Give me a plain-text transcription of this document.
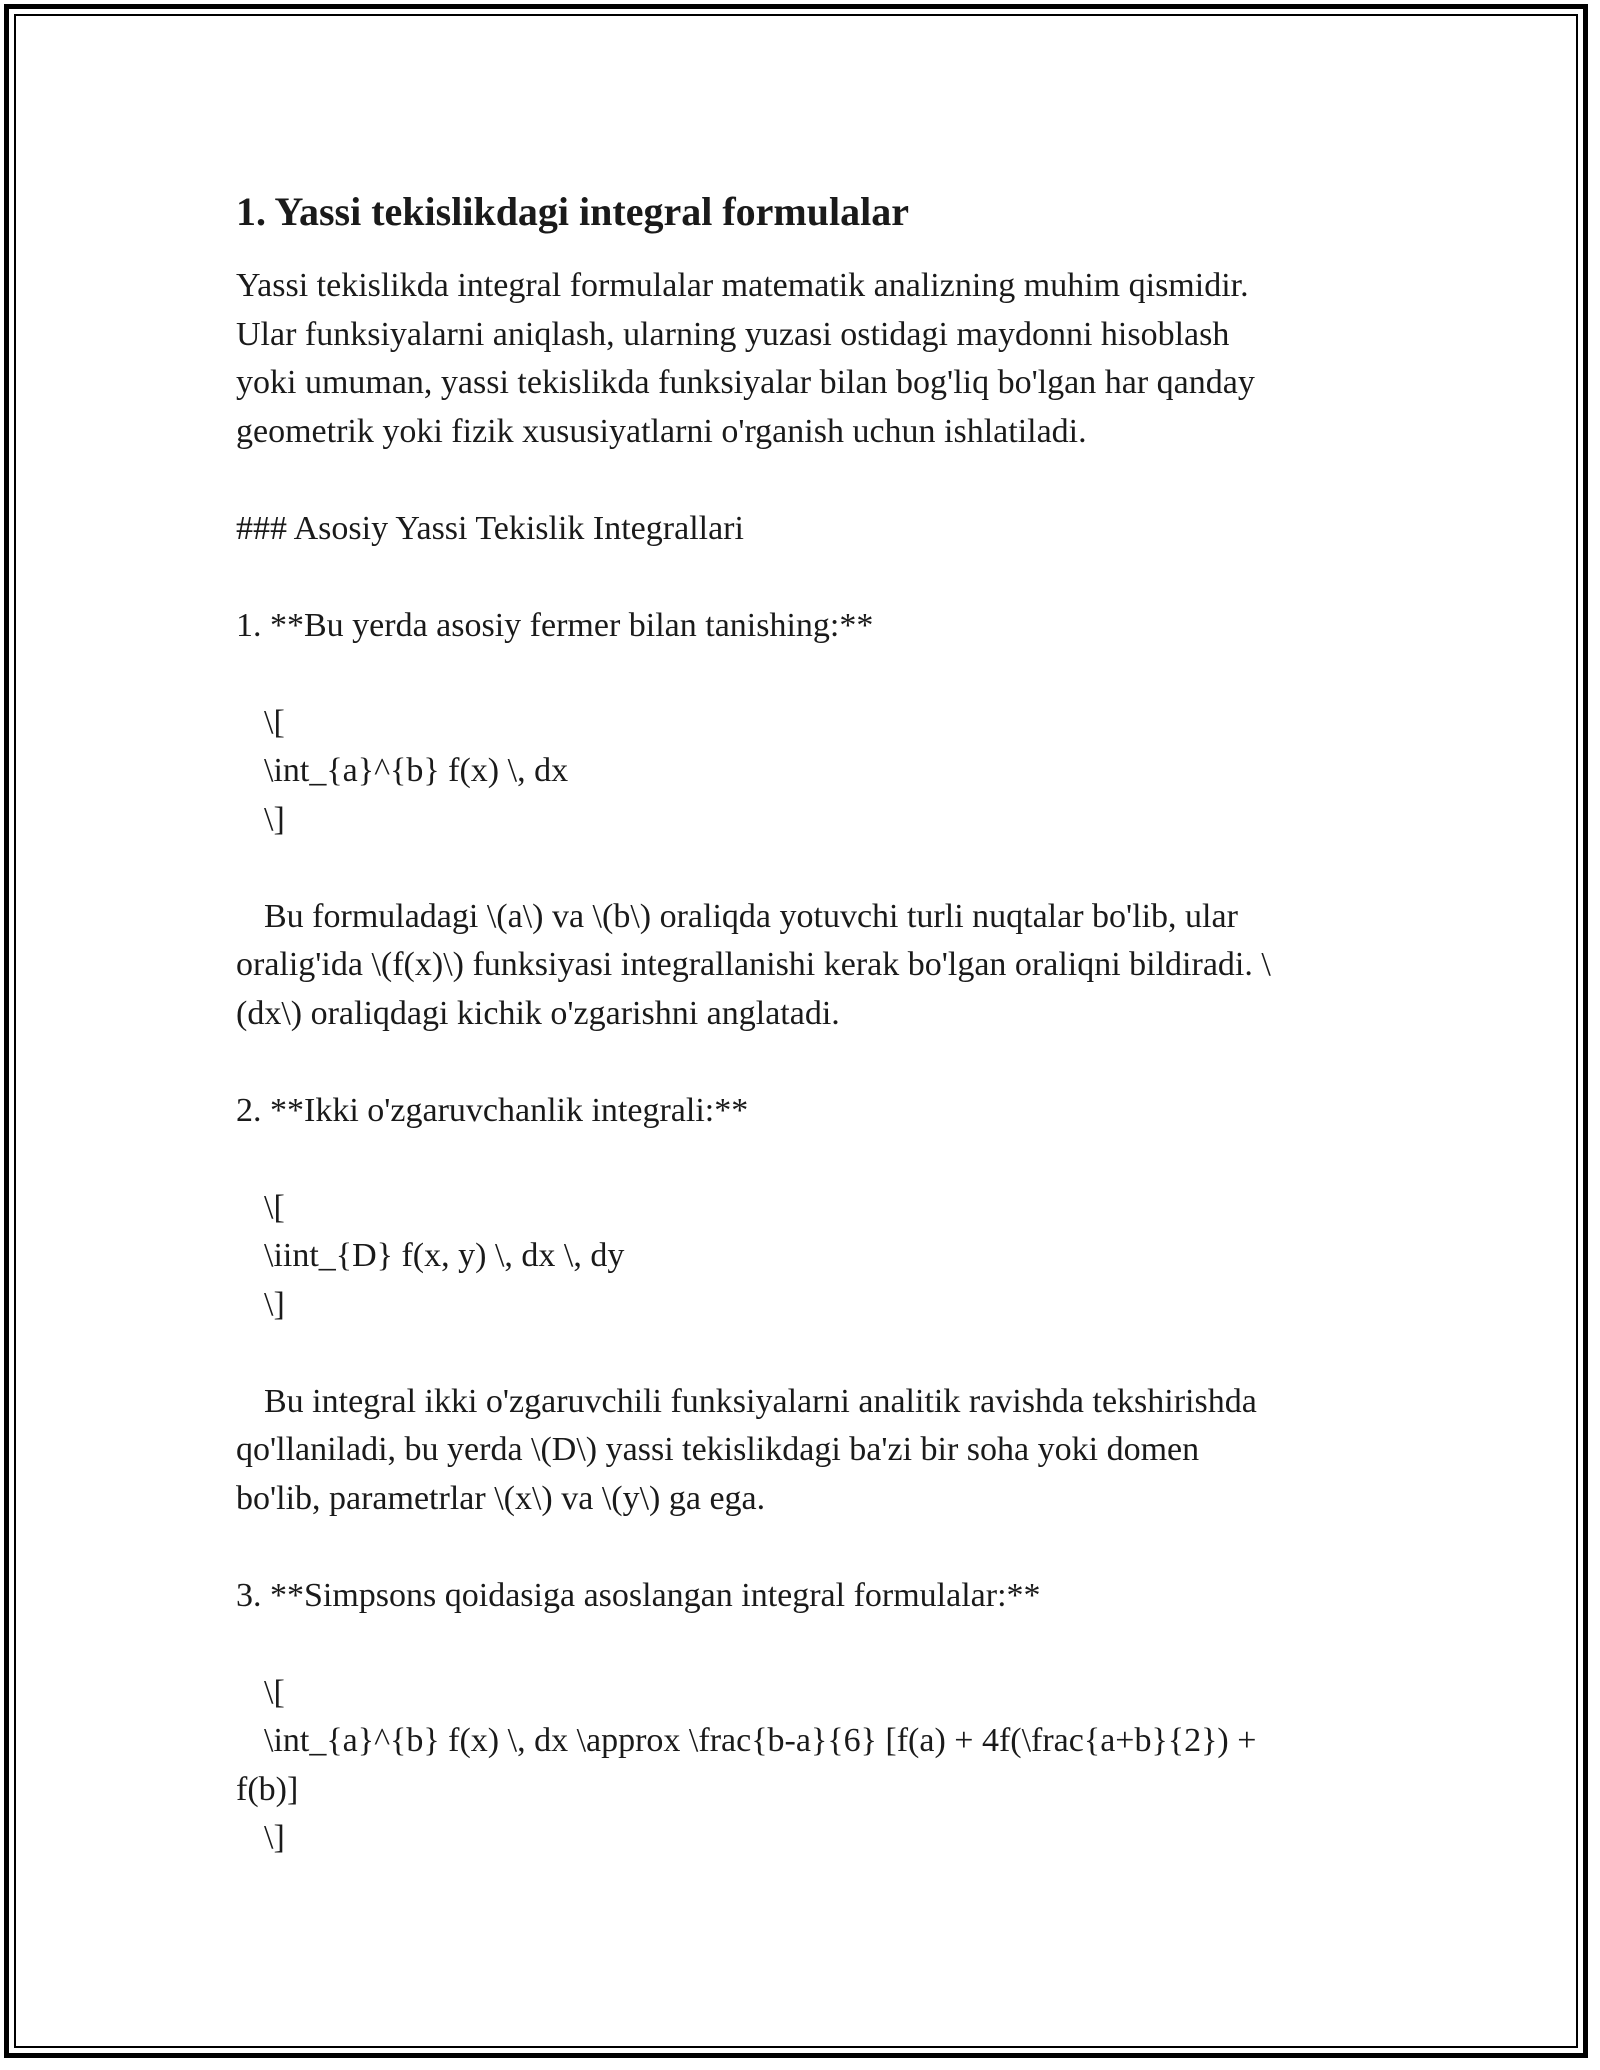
1. Yassi tekislikdagi integral formulalar
Yassi tekislikda integral formulalar matematik analizning muhim qismidir.
Ular funksiyalarni aniqlash, ularning yuzasi ostidagi maydonni hisoblash
yoki umuman, yassi tekislikda funksiyalar bilan bog'liq bo'lgan har qanday
geometrik yoki fizik xususiyatlarni o'rganish uchun ishlatiladi.
### Asosiy Yassi Tekislik Integrallari
1. **Bu yerda asosiy fermer bilan tanishing:**
\[
\int_{a}^{b} f(x) \, dx
\]
Bu formuladagi \(a\) va \(b\) oraliqda yotuvchi turli nuqtalar bo'lib, ular
oralig'ida \(f(x)\) funksiyasi integrallanishi kerak bo'lgan oraliqni bildiradi. \
(dx\) oraliqdagi kichik o'zgarishni anglatadi.
2. **Ikki o'zgaruvchanlik integrali:**
\[
\iint_{D} f(x, y) \, dx \, dy
\]
Bu integral ikki o'zgaruvchili funksiyalarni analitik ravishda tekshirishda
qo'llaniladi, bu yerda \(D\) yassi tekislikdagi ba'zi bir soha yoki domen
bo'lib, parametrlar \(x\) va \(y\) ga ega.
3. **Simpsons qoidasiga asoslangan integral formulalar:**
\[
\int_{a}^{b} f(x) \, dx \approx \frac{b-a}{6} [f(a) + 4f(\frac{a+b}{2}) +
f(b)]
\]
